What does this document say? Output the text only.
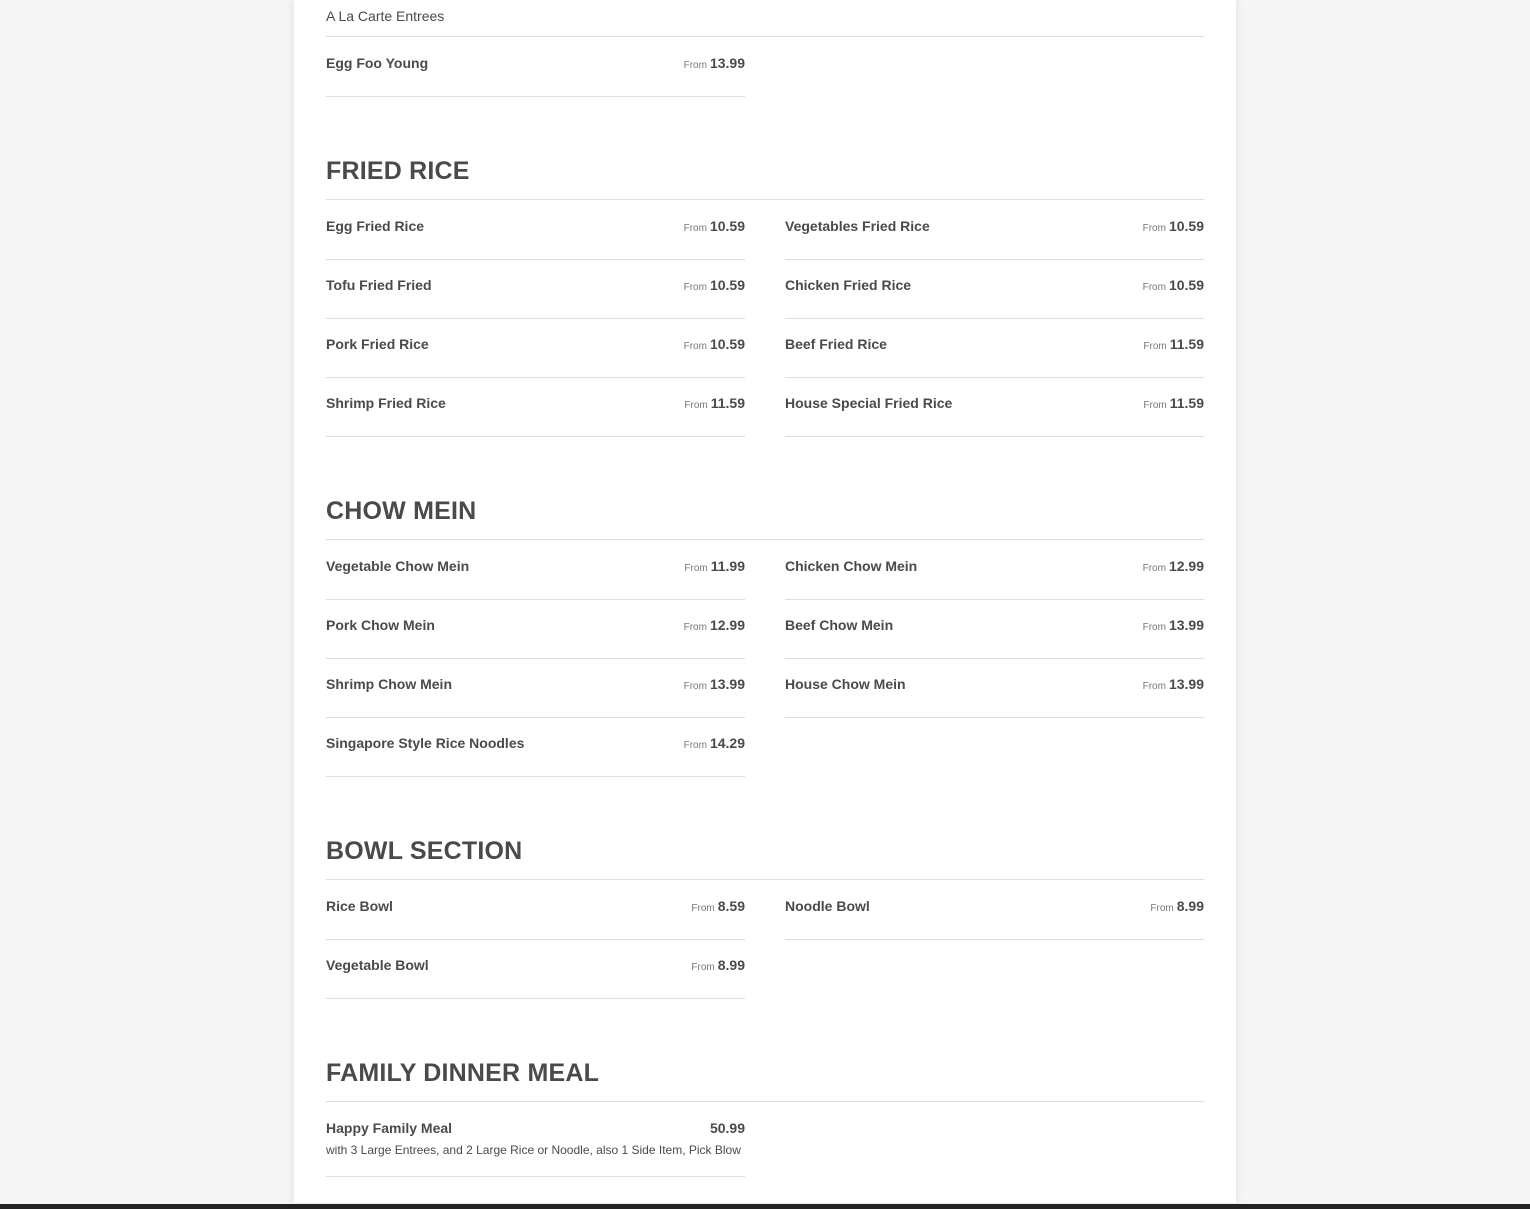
A La Carte Entrees
Egg Foo Young	From 13.99
FRIED RICE
Egg Fried Rice	From 10.59	Vegetables Fried Rice	From 10.59
Tofu Fried Fried	From 10.59	Chicken Fried Rice	From 10.59
Pork Fried Rice	From 10.59	Beef Fried Rice	From 11.59
Shrimp Fried Rice	From 11.59	House Special Fried Rice	From 11.59
CHOW MEIN
Vegetable Chow Mein	From 11.99	Chicken Chow Mein	From 12.99
Pork Chow Mein	From 12.99	Beef Chow Mein	From 13.99
Shrimp Chow Mein	From 13.99	House Chow Mein	From 13.99
Singapore Style Rice Noodles	From 14.29
BOWL SECTION
Rice Bowl	From 8.59	Noodle Bowl	From 8.99
Vegetable Bowl	From 8.99
FAMILY DINNER MEAL
Happy Family Meal	50.99
with 3 Large Entrees, and 2 Large Rice or Noodle, also 1 Side Item, Pick Blow
